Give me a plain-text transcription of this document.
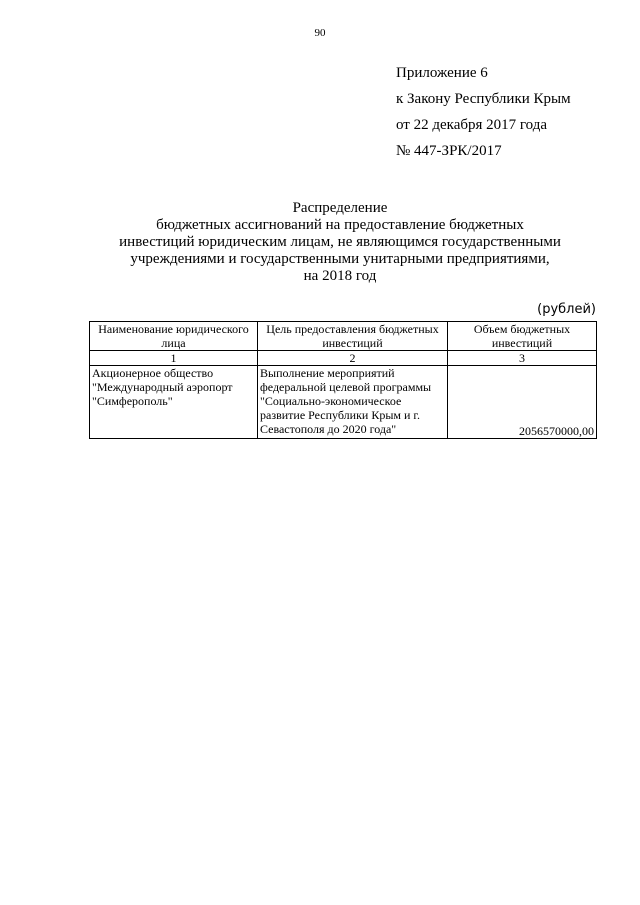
90
Приложение 6
к Закону Республики Крым
от 22 декабря 2017 года
№ 447-ЗРК/2017
Распределение
бюджетных ассигнований на предоставление бюджетных
инвестиций юридическим лицам, не являющимся государственными
учреждениями и государственными унитарными предприятиями,
на 2018 год
(рублей)
Наименование юридического лица	Цель предоставления бюджетных инвестиций	Объем бюджетных инвестиций
1	2	3
Акционерное общество "Международный аэропорт "Симферополь"	Выполнение мероприятий федеральной целевой программы "Социально-экономическое развитие Республики Крым и г. Севастополя до 2020 года"	2056570000,00
